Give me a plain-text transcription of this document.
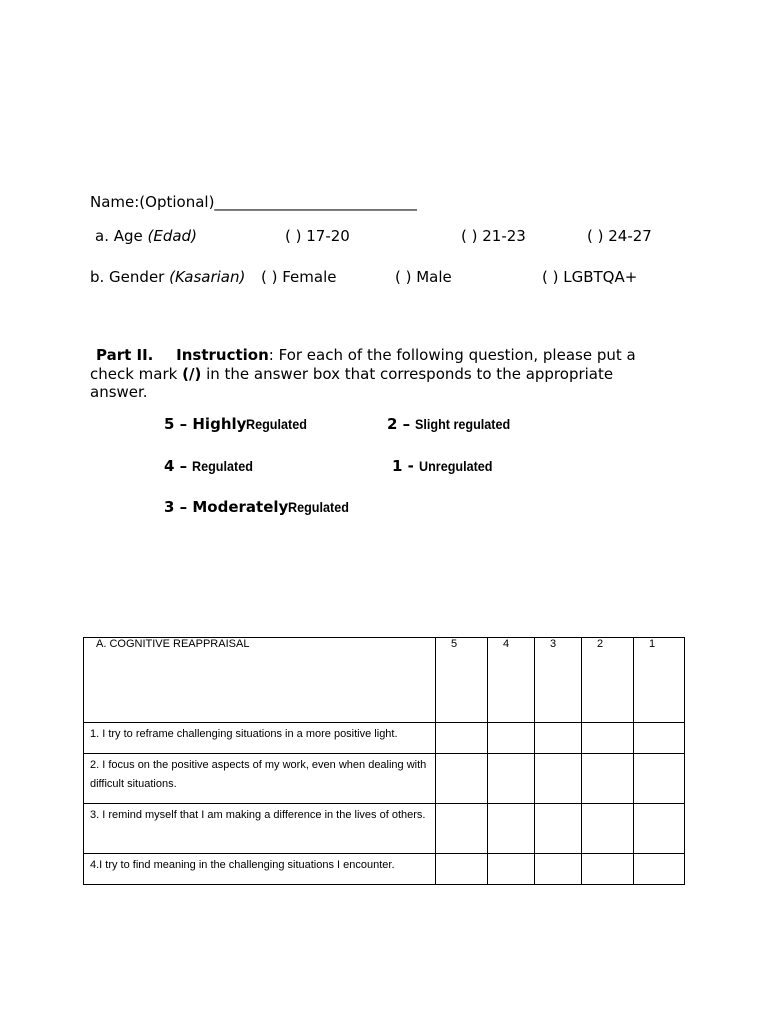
Name:(Optional)___________________________
a. Age (Edad)	( ) 17-20	( ) 21-23	( ) 24-27
b. Gender (Kasarian) ( ) Female	( ) Male	( ) LGBTQA+
Part II. Instruction: For each of the following question, please put a
check mark (/) in the answer box that corresponds to the appropriate
answer.
5 – HighlyRegulated	2 – Slight regulated
4 – Regulated	1 - Unregulated
3 – ModeratelyRegulated
A. COGNITIVE REAPPRAISAL	5	4	3	2	1

1. I try to reframe challenging situations in a more positive light.					

2. I focus on the positive aspects of my work, even when dealing with difficult situations.					

3. I remind myself that I am making a difference in the lives of others.					

4.I try to find meaning in the challenging situations I encounter.					
